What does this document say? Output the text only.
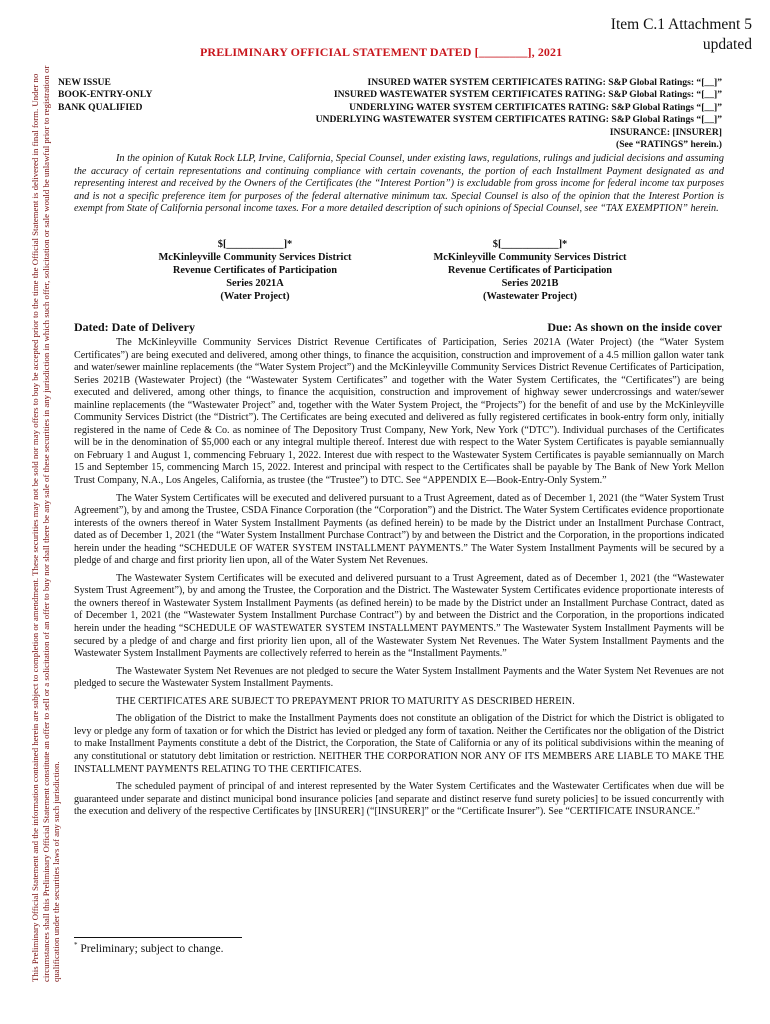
This Preliminary Official Statement and the information contained herein are subject to completion or amendment. These securities may not be sold nor may offers to buy be accepted prior to the time the Official Statement is delivered in final form. Under no circumstances shall this Preliminary Official Statement constitute an offer to sell or a solicitation of an offer to buy nor shall there be any sale of these securities in any jurisdiction in which such offer, solicitation or sale would be unlawful prior to registration or qualification under the securities laws of any such jurisdiction.
Item C.1 Attachment 5
updated
PRELIMINARY OFFICIAL STATEMENT DATED [________], 2021
NEW ISSUE
BOOK-ENTRY-ONLY
BANK QUALIFIED
INSURED WATER SYSTEM CERTIFICATES RATING: S&P Global Ratings: “[__]”
INSURED WASTEWATER SYSTEM CERTIFICATES RATING: S&P Global Ratings: “[__]”
UNDERLYING WATER SYSTEM CERTIFICATES RATING: S&P Global Ratings “[__]”
UNDERLYING WASTEWATER SYSTEM CERTIFICATES RATING: S&P Global Ratings “[__]”
INSURANCE: [INSURER]
(See “RATINGS” herein.)
In the opinion of Kutak Rock LLP, Irvine, California, Special Counsel, under existing laws, regulations, rulings and judicial decisions and assuming the accuracy of certain representations and continuing compliance with certain covenants, the portion of each Installment Payment designated as and representing interest and received by the Owners of the Certificates (the “Interest Portion”) is excludable from gross income for federal income tax purposes and is not a specific preference item for purposes of the federal alternative minimum tax. Special Counsel is also of the opinion that the Interest Portion is exempt from State of California personal income taxes. For a more detailed description of such opinions of Special Counsel, see “TAX EXEMPTION” herein.
$[___________]*
McKinleyville Community Services District
Revenue Certificates of Participation
Series 2021A
(Water Project)
$[___________]*
McKinleyville Community Services District
Revenue Certificates of Participation
Series 2021B
(Wastewater Project)
Dated: Date of Delivery	Due: As shown on the inside cover

The McKinleyville Community Services District Revenue Certificates of Participation, Series 2021A (Water Project) (the “Water System Certificates”) are being executed and delivered, among other things, to finance the acquisition, construction and improvement of a 4.5 million gallon water tank and water/sewer mainline replacements (the “Water System Project”) and the McKinleyville Community Services District Revenue Certificates of Participation, Series 2021B (Wastewater Project) (the “Wastewater System Certificates” and together with the Water System Certificates, the “Certificates”) are being executed and delivered, among other things, to finance the acquisition, construction and improvement of highway sewer undercrossings and water/sewer mainline replacements (the “Wastewater Project” and, together with the Water System Project, the “Projects”) for the benefit of and use by the McKinleyville Community Services District (the “District”). The Certificates are being executed and delivered as fully registered certificates in book-entry form only, initially registered in the name of Cede & Co. as nominee of The Depository Trust Company, New York, New York (“DTC”). Individual purchases of the Certificates will be in the denomination of $5,000 each or any integral multiple thereof. Interest due with respect to the Water System Certificates is payable semiannually on February 1 and August 1, commencing February 1, 2022. Interest due with respect to the Wastewater System Certificates is payable semiannually on March 15 and September 15, commencing March 15, 2022. Interest and principal with respect to the Certificates shall be payable by The Bank of New York Mellon Trust Company, N.A., Los Angeles, California, as trustee (the “Trustee”) to DTC. See “APPENDIX E—Book-Entry-Only System.”

The Water System Certificates will be executed and delivered pursuant to a Trust Agreement, dated as of December 1, 2021 (the “Water System Trust Agreement”), by and among the Trustee, CSDA Finance Corporation (the “Corporation”) and the District. The Water System Certificates evidence proportionate interests of the owners thereof in Water System Installment Payments (as defined herein) to be made by the District under an Installment Purchase Contract, dated as of December 1, 2021 (the “Water System Installment Purchase Contract”) by and between the District and the Corporation, in the proportions indicated herein under the heading “SCHEDULE OF WATER SYSTEM INSTALLMENT PAYMENTS.” The Water System Installment Payments will be secured by a pledge of and charge and first priority lien upon, all of the Water System Net Revenues.

The Wastewater System Certificates will be executed and delivered pursuant to a Trust Agreement, dated as of December 1, 2021 (the “Wastewater System Trust Agreement”), by and among the Trustee, the Corporation and the District. The Wastewater System Certificates evidence proportionate interests of the owners thereof in Wastewater System Installment Payments (as defined herein) to be made by the District under an Installment Purchase Contract, dated as of December 1, 2021 (the “Wastewater System Installment Purchase Contract”) by and between the District and the Corporation, in the proportions indicated herein under the heading “SCHEDULE OF WASTEWATER SYSTEM INSTALLMENT PAYMENTS.” The Wastewater System Installment Payments will be secured by a pledge of and charge and first priority lien upon, all of the Wastewater System Net Revenues. The Water System Installment Payments and the Wastewater System Installment Payments are collectively referred to herein as the “Installment Payments.”

The Wastewater System Net Revenues are not pledged to secure the Water System Installment Payments and the Water System Net Revenues are not pledged to secure the Wastewater System Installment Payments.

THE CERTIFICATES ARE SUBJECT TO PREPAYMENT PRIOR TO MATURITY AS DESCRIBED HEREIN.

The obligation of the District to make the Installment Payments does not constitute an obligation of the District for which the District is obligated to levy or pledge any form of taxation or for which the District has levied or pledged any form of taxation. Neither the Certificates nor the obligation of the District to make Installment Payments constitute a debt of the District, the Corporation, the State of California or any of its political subdivisions within the meaning of any constitutional or statutory debt limitation or restriction. NEITHER THE CORPORATION NOR ANY OF ITS MEMBERS ARE LIABLE TO MAKE THE INSTALLMENT PAYMENTS RELATING TO THE CERTIFICATES.

The scheduled payment of principal of and interest represented by the Water System Certificates and the Wastewater Certificates when due will be guaranteed under separate and distinct municipal bond insurance policies [and separate and distinct reserve fund surety policies] to be issued concurrently with the execution and delivery of the respective Certificates by [INSURER] (“[INSURER]” or the “Certificate Insurer”). See “CERTIFICATE INSURANCE.”

* Preliminary; subject to change.
